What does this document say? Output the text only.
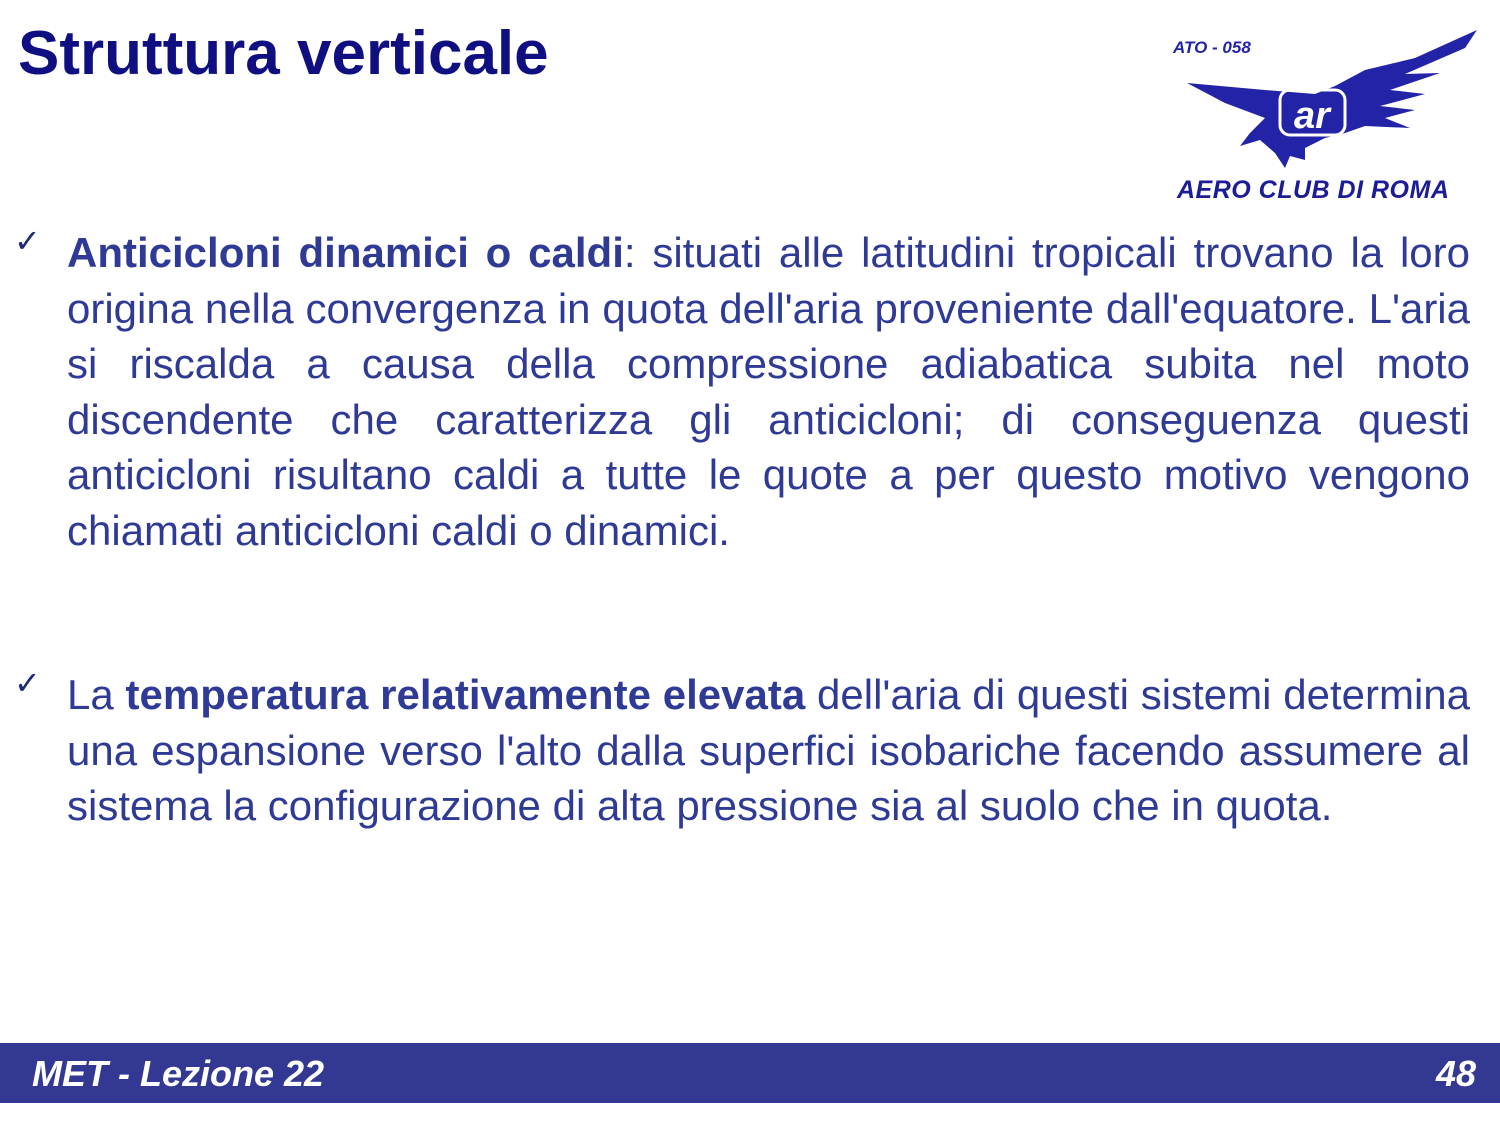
Struttura verticale
ar
ATO - 058
AERO CLUB DI ROMA
✓ Anticicloni dinamici o caldi: situati alle latitudini tropicali trovano la loro origina nella convergenza in quota dell'aria proveniente dall'equatore. L'aria si riscalda a causa della compressione adiabatica subita nel moto discendente che caratterizza gli anticicloni; di conseguenza questi anticicloni risultano caldi a tutte le quote a per questo motivo vengono chiamati anticicloni caldi o dinamici.

✓ La temperatura relativamente elevata dell'aria di questi sistemi determina una espansione verso l'alto dalla superfici isobariche facendo assumere al sistema la configurazione di alta pressione sia al suolo che in quota.

MET - Lezione 22	48
